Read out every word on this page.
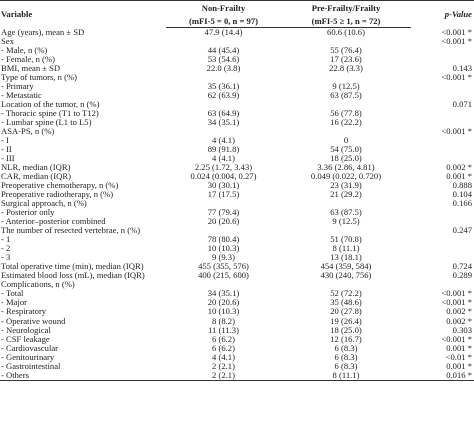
Variable	Non-Frailty	Pre-Frailty/Frailty	p-Value
	(mFI-5 = 0, n = 97)	(mFI-5 ≥ 1, n = 72)	
Age (years), mean ± SD	47.9 (14.4)	60.6 (10.6)	<0.001 *
Sex			<0.001 *
- Male, n (%)	44 (45.4)	55 (76.4)	
- Female, n (%)	53 (54.6)	17 (23.6)	
BMI, mean ± SD	22.0 (3.8)	22.8 (3.3)	0.143
Type of tumors, n (%)			<0.001 *
- Primary	35 (36.1)	9 (12.5)	
- Metastatic	62 (63.9)	63 (87.5)	
Location of the tumor, n (%)			0.071
- Thoracic spine (T1 to T12)	63 (64.9)	56 (77.8)	
- Lumbar spine (L1 to L5)	34 (35.1)	16 (22.2)	
ASA-PS, n (%)			<0.001 *
- I	4 (4.1)	0	
- II	89 (91.8)	54 (75.0)	
- III	4 (4.1)	18 (25.0)	
NLR, median (IQR)	2.25 (1.72, 3.43)	3.36 (2.86, 4.81)	0.002 *
CAR, median (IQR)	0.024 (0.004, 0.27)	0.049 (0.022, 0.720)	0.001 *
Preoperative chemotherapy, n (%)	30 (30.1)	23 (31.9)	0.888
Preoperative radiotherapy, n (%)	17 (17.5)	21 (29.2)	0.104
Surgical approach, n (%)			0.166
- Posterior only	77 (79.4)	63 (87.5)	
- Anterior–posterior combined	20 (20.6)	9 (12.5)	
The number of resected vertebrae, n (%)			0.247
- 1	78 (80.4)	51 (70.8)	
- 2	10 (10.3)	8 (11.1)	
- 3	9 (9.3)	13 (18.1)	
Total operative time (min), median (IQR)	455 (355, 576)	454 (359, 584)	0.724
Estimated blood loss (mL), median (IQR)	400 (215, 600)	430 (240, 756)	0.289
Complications, n (%)			
- Total	34 (35.1)	52 (72.2)	<0.001 *
- Major	20 (20.6)	35 (48.6)	<0.001 *
- Respiratory	10 (10.3)	20 (27.8)	0.002 *
- Operative wound	8 (8.2)	19 (26.4)	0.002 *
- Neurological	11 (11.3)	18 (25.0)	0.303
- CSF leakage	6 (6.2)	12 (16.7)	<0.001 *
- Cardiovascular	6 (6.2)	6 (8.3)	0.001 *
- Genitourinary	4 (4.1)	6 (8.3)	<0.01 *
- Gastrointestinal	2 (2.1)	6 (8.3)	0.001 *
- Others	2 (2.1)	8 (11.1)	0.016 *
